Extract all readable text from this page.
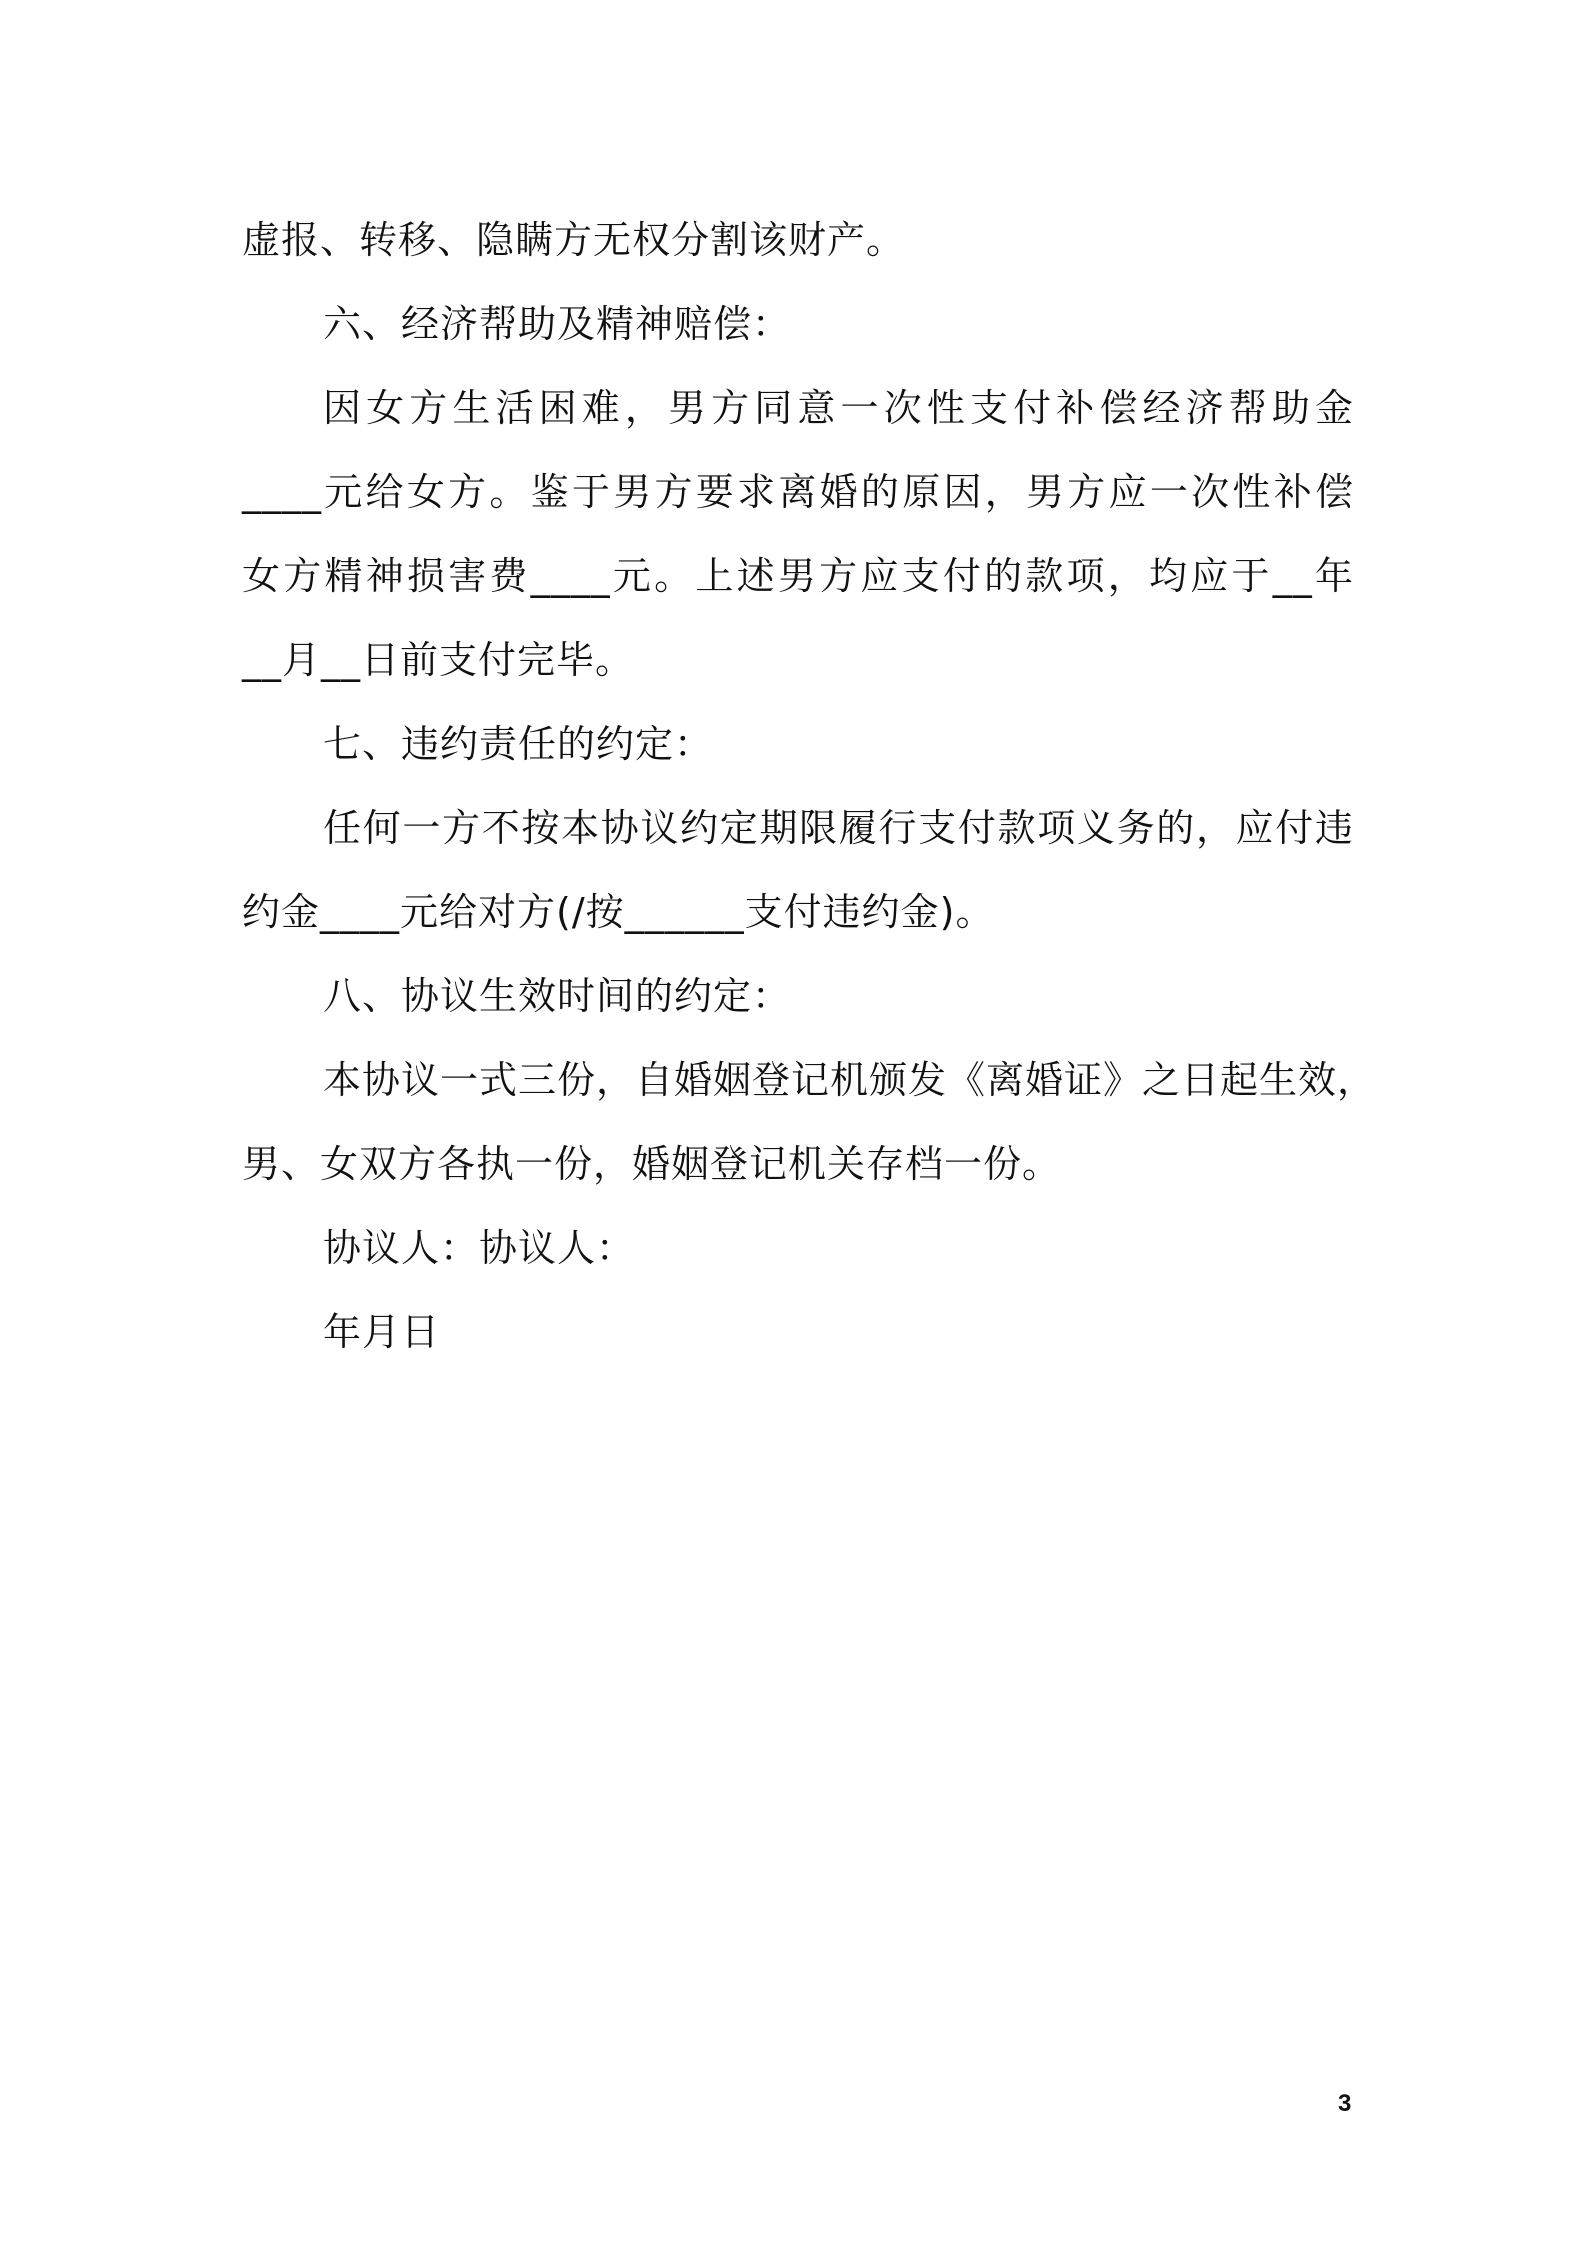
虚报、转移、隐瞒方无权分割该财产。

六、经济帮助及精神赔偿：

因女方生活困难，男方同意一次性支付补偿经济帮助金

____元给女方。鉴于男方要求离婚的原因，男方应一次性补偿

女方精神损害费____元。上述男方应支付的款项，均应于__年

__月__日前支付完毕。

七、违约责任的约定：

任何一方不按本协议约定期限履行支付款项义务的，应付违

约金____元给对方(/按______支付违约金)。

八、协议生效时间的约定：

本协议一式三份，自婚姻登记机颁发《离婚证》之日起生效，

男、女双方各执一份，婚姻登记机关存档一份。

协议人：协议人：

年月日

3
